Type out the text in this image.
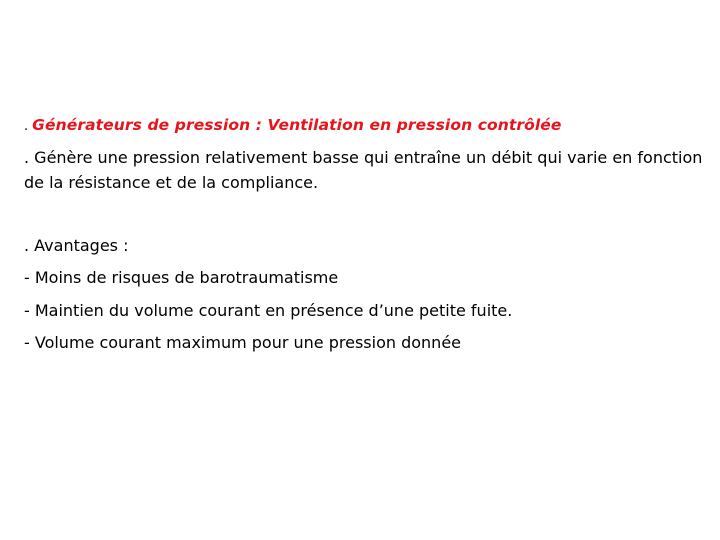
. Générateurs de pression : Ventilation en pression contrôlée
. Génère une pression relativement basse qui entraîne un débit qui varie en fonction de la résistance et de la compliance.
. Avantages :
- Moins de risques de barotraumatisme
- Maintien du volume courant en présence d’une petite fuite.
- Volume courant maximum pour une pression donnée
